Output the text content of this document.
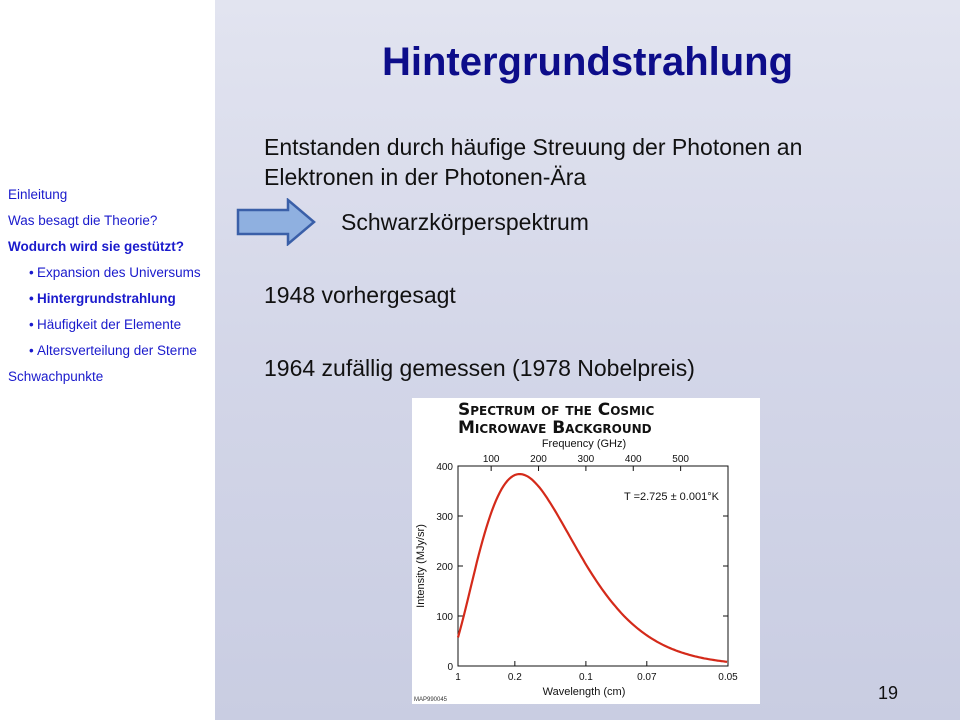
Einleitung
Was besagt die Theorie?
Wodurch wird sie gestützt?
• Expansion des Universums
• Hintergrundstrahlung
• Häufigkeit der Elemente
• Altersverteilung der Sterne
Schwachpunkte
Hintergrundstrahlung
Entstanden durch häufige Streuung der Photonen an
Elektronen in der Photonen-Ära
Schwarzkörperspektrum
1948 vorhergesagt
1964 zufällig gemessen (1978 Nobelpreis)
Spectrum of the Cosmic
Microwave Background
Frequency (GHz)
Wavelength (cm)
Intensity (MJy/sr)
T =2.725 ± 0.001°K
MAP990045
0
100
200
300
400
100	200	300	400	500
1	0.2	0.1	0.07	0.05
19
